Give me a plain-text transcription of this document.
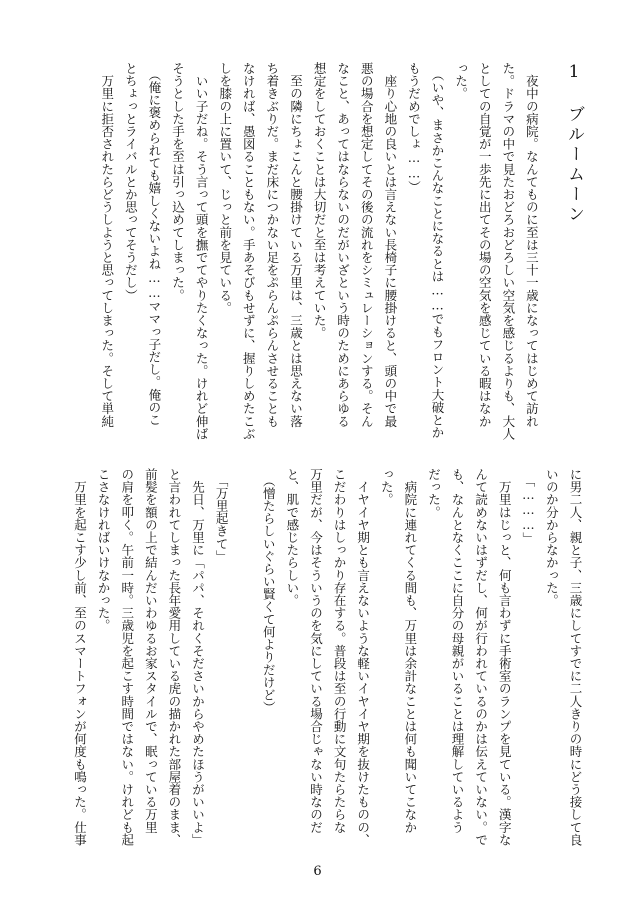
1　ブルームーン
　夜中の病院。なんてものに至は三十一歳になってはじめて訪れ
た。ドラマの中で見たおどろおどろしい空気を感じるよりも、大人
としての自覚が一歩先に出てその場の空気を感じている暇はなか
った。
　（いや、まさかこんなことになるとは……でもフロント大破とか
もうだめでしょ……）
　座り心地の良いとは言えない長椅子に腰掛けると、頭の中で最
悪の場合を想定してその後の流れをシミュレーションする。そん
なこと、あってはならないのだがいざという時のためにあらゆる
想定をしておくことは大切だと至は考えていた。
　至の隣にちょこんと腰掛けている万里は、三歳とは思えない落
ち着きぶりだ。まだ床につかない足をぷらんぷらんさせることも
なければ、愚図ることもない。手あそびもせずに、握りしめたこぶ
しを膝の上に置いて、じっと前を見ている。
　いい子だね。そう言って頭を撫でてやりたくなった。けれど伸ば
そうとした手を至は引っ込めてしまった。
　（俺に褒められても嬉しくないよね……ママっ子だし。俺のこ
とちょっとライバルとか思ってそうだし）
　万里に拒否されたらどうしようと思ってしまった。そして単純
に男二人、親と子、三歳にしてすでに二人きりの時にどう接して良
いのか分からなかった。
　「………」
　万里はじっと、何も言わずに手術室のランプを見ている。漢字な
んて読めないはずだし、何が行われているのかは伝えていない。で
も、なんとなくここに自分の母親がいることは理解しているよう
だった。
　病院に連れてくる間も、万里は余計なことは何も聞いてこなか
った。
　イヤイヤ期とも言えないような軽いイヤイヤ期を抜けたものの、
こだわりはしっかり存在する。普段は至の行動に文句たらたらな
万里だが、今はそういうのを気にしている場合じゃない時なのだ
と、肌で感じたらしい。
　（憎たらしいぐらい賢くて何よりだけど）

　「万里起きて」
　先日、万里に「パパ、それくそださいからやめたほうがいいよ」
と言われてしまった長年愛用している虎の描かれた部屋着のまま、
前髪を額の上で結んだいわゆるお家スタイルで、眠っている万里
の肩を叩く。午前一時。三歳児を起こす時間ではない。けれども起
こさなければいけなかった。
　万里を起こす少し前、至のスマートフォンが何度も鳴った。仕事
6
